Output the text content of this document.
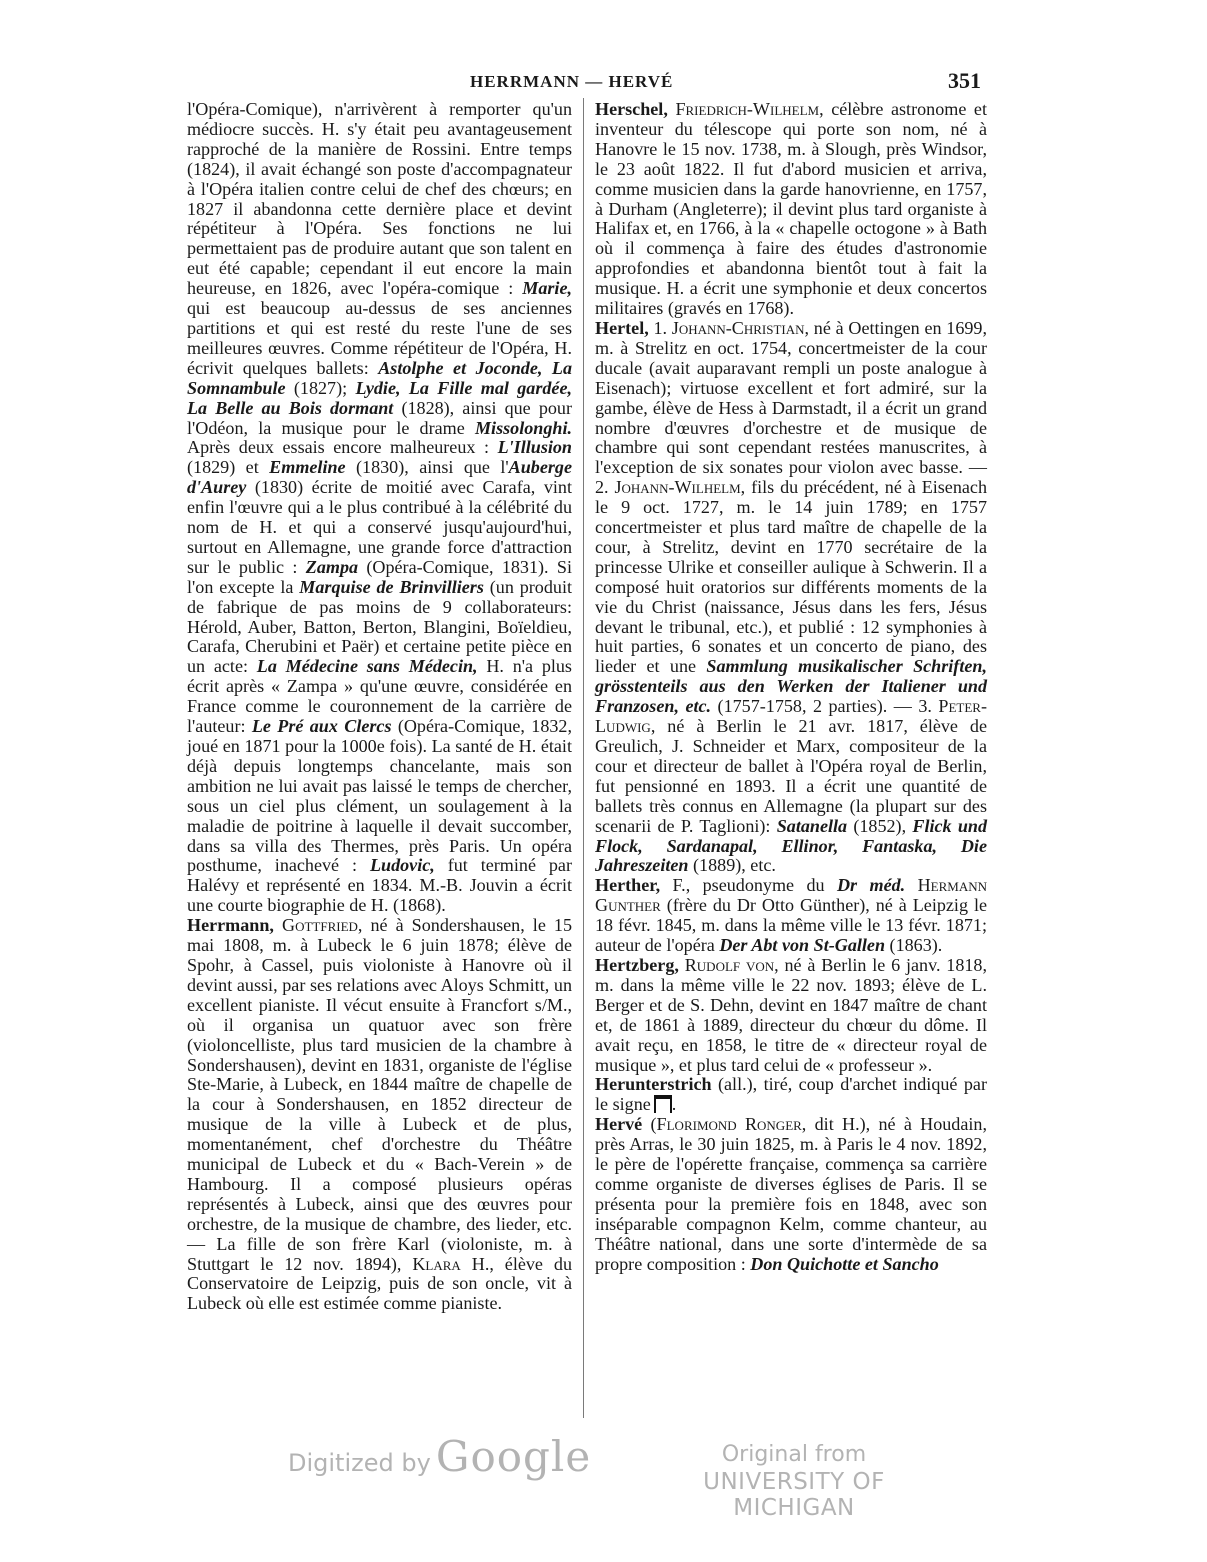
HERRMANN — HERVÉ	351

l'Opéra-Comique), n'arrivèrent à remporter qu'un médiocre succès. H. s'y était peu avantageusement rapproché de la manière de Rossini. Entre temps (1824), il avait échangé son poste d'accompagnateur à l'Opéra italien contre celui de chef des chœurs; en 1827 il abandonna cette dernière place et devint répétiteur à l'Opéra. Ses fonctions ne lui permettaient pas de produire autant que son talent en eut été capable; cependant il eut encore la main heureuse, en 1826, avec l'opéra-comique : Marie, qui est beaucoup au-dessus de ses anciennes partitions et qui est resté du reste l'une de ses meilleures œuvres. Comme répétiteur de l'Opéra, H. écrivit quelques ballets: Astolphe et Joconde, La Somnambule (1827); Lydie, La Fille mal gardée, La Belle au Bois dormant (1828), ainsi que pour l'Odéon, la musique pour le drame Missolonghi. Après deux essais encore malheureux : L'Illusion (1829) et Emmeline (1830), ainsi que l'Auberge d'Aurey (1830) écrite de moitié avec Carafa, vint enfin l'œuvre qui a le plus contribué à la célébrité du nom de H. et qui a conservé jusqu'aujourd'hui, surtout en Allemagne, une grande force d'attraction sur le public : Zampa (Opéra-Comique, 1831). Si l'on excepte la Marquise de Brinvilliers (un produit de fabrique de pas moins de 9 collaborateurs: Hérold, Auber, Batton, Berton, Blangini, Boïeldieu, Carafa, Cherubini et Paër) et certaine petite pièce en un acte: La Médecine sans Médecin, H. n'a plus écrit après « Zampa » qu'une œuvre, considérée en France comme le couronnement de la carrière de l'auteur: Le Pré aux Clercs (Opéra-Comique, 1832, joué en 1871 pour la 1000e fois). La santé de H. était déjà depuis longtemps chancelante, mais son ambition ne lui avait pas laissé le temps de chercher, sous un ciel plus clément, un soulagement à la maladie de poitrine à laquelle il devait succomber, dans sa villa des Thermes, près Paris. Un opéra posthume, inachevé : Ludovic, fut terminé par Halévy et représenté en 1834. M.-B. Jouvin a écrit une courte biographie de H. (1868).

Herrmann, Gottfried, né à Sondershausen, le 15 mai 1808, m. à Lubeck le 6 juin 1878; élève de Spohr, à Cassel, puis violoniste à Hanovre où il devint aussi, par ses relations avec Aloys Schmitt, un excellent pianiste. Il vécut ensuite à Francfort s/M., où il organisa un quatuor avec son frère (violoncelliste, plus tard musicien de la chambre à Sondershausen), devint en 1831, organiste de l'église Ste-Marie, à Lubeck, en 1844 maître de chapelle de la cour à Sondershausen, en 1852 directeur de musique de la ville à Lubeck et de plus, momentanément, chef d'orchestre du Théâtre municipal de Lubeck et du « Bach-Verein » de Hambourg. Il a composé plusieurs opéras représentés à Lubeck, ainsi que des œuvres pour orchestre, de la musique de chambre, des lieder, etc. — La fille de son frère Karl (violoniste, m. à Stuttgart le 12 nov. 1894), Klara H., élève du Conservatoire de Leipzig, puis de son oncle, vit à Lubeck où elle est estimée comme pianiste.

Herschel, Friedrich-Wilhelm, célèbre astronome et inventeur du télescope qui porte son nom, né à Hanovre le 15 nov. 1738, m. à Slough, près Windsor, le 23 août 1822. Il fut d'abord musicien et arriva, comme musicien dans la garde hanovrienne, en 1757, à Durham (Angleterre); il devint plus tard organiste à Halifax et, en 1766, à la « chapelle octogone » à Bath où il commença à faire des études d'astronomie approfondies et abandonna bientôt tout à fait la musique. H. a écrit une symphonie et deux concertos militaires (gravés en 1768).

Hertel, 1. Johann-Christian, né à Oettingen en 1699, m. à Strelitz en oct. 1754, concertmeister de la cour ducale (avait auparavant rempli un poste analogue à Eisenach); virtuose excellent et fort admiré, sur la gambe, élève de Hess à Darmstadt, il a écrit un grand nombre d'œuvres d'orchestre et de musique de chambre qui sont cependant restées manuscrites, à l'exception de six sonates pour violon avec basse. — 2. Johann-Wilhelm, fils du précédent, né à Eisenach le 9 oct. 1727, m. le 14 juin 1789; en 1757 concertmeister et plus tard maître de chapelle de la cour, à Strelitz, devint en 1770 secrétaire de la princesse Ulrike et conseiller aulique à Schwerin. Il a composé huit oratorios sur différents moments de la vie du Christ (naissance, Jésus dans les fers, Jésus devant le tribunal, etc.), et publié : 12 symphonies à huit parties, 6 sonates et un concerto de piano, des lieder et une Sammlung musikalischer Schriften, grösstenteils aus den Werken der Italiener und Franzosen, etc. (1757-1758, 2 parties). — 3. Peter-Ludwig, né à Berlin le 21 avr. 1817, élève de Greulich, J. Schneider et Marx, compositeur de la cour et directeur de ballet à l'Opéra royal de Berlin, fut pensionné en 1893. Il a écrit une quantité de ballets très connus en Allemagne (la plupart sur des scenarii de P. Taglioni): Satanella (1852), Flick und Flock, Sardanapal, Ellinor, Fantaska, Die Jahreszeiten (1889), etc.

Herther, F., pseudonyme du Dr méd. Hermann Gunther (frère du Dr Otto Günther), né à Leipzig le 18 févr. 1845, m. dans la même ville le 13 févr. 1871; auteur de l'opéra Der Abt von St-Gallen (1863).

Hertzberg, Rudolf von, né à Berlin le 6 janv. 1818, m. dans la même ville le 22 nov. 1893; élève de L. Berger et de S. Dehn, devint en 1847 maître de chant et, de 1861 à 1889, directeur du chœur du dôme. Il avait reçu, en 1858, le titre de « directeur royal de musique », et plus tard celui de « professeur ».

Herunterstrich (all.), tiré, coup d'archet indiqué par le signe .

Hervé (Florimond Ronger, dit H.), né à Houdain, près Arras, le 30 juin 1825, m. à Paris le 4 nov. 1892, le père de l'opérette française, commença sa carrière comme organiste de diverses églises de Paris. Il se présenta pour la première fois en 1848, avec son inséparable compagnon Kelm, comme chanteur, au Théâtre national, dans une sorte d'intermède de sa propre composition : Don Quichotte et Sancho

Digitized by Google	Original from
UNIVERSITY OF MICHIGAN
